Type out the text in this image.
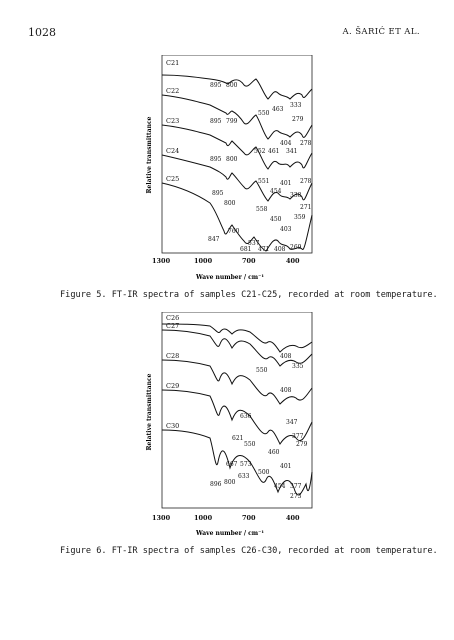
1028	A. ŠARIĆ ET AL.
C21
C22
C23
C24
C25
895 800
550
463
333
895 799	279
404 278
552 461 341
895 800
551 401 278
454
338
895
800
558	271
450 359
403
760
847
537
681 471 408 269
Relative transmittance
1300	1000	700	400
Wave number / cm⁻¹
Figure 5. FT-IR spectra of samples C21-C25, recorded at room temperature.
C26
C27
C28
C29
C30
408
335
550
408
636
347
621	377
279
550
460
667 573	401
633
500
896 800
454 377
273
Relative transmittance
1300	1000	700	400
Wave number / cm⁻¹
Figure 6. FT-IR spectra of samples C26-C30, recorded at room temperature.
